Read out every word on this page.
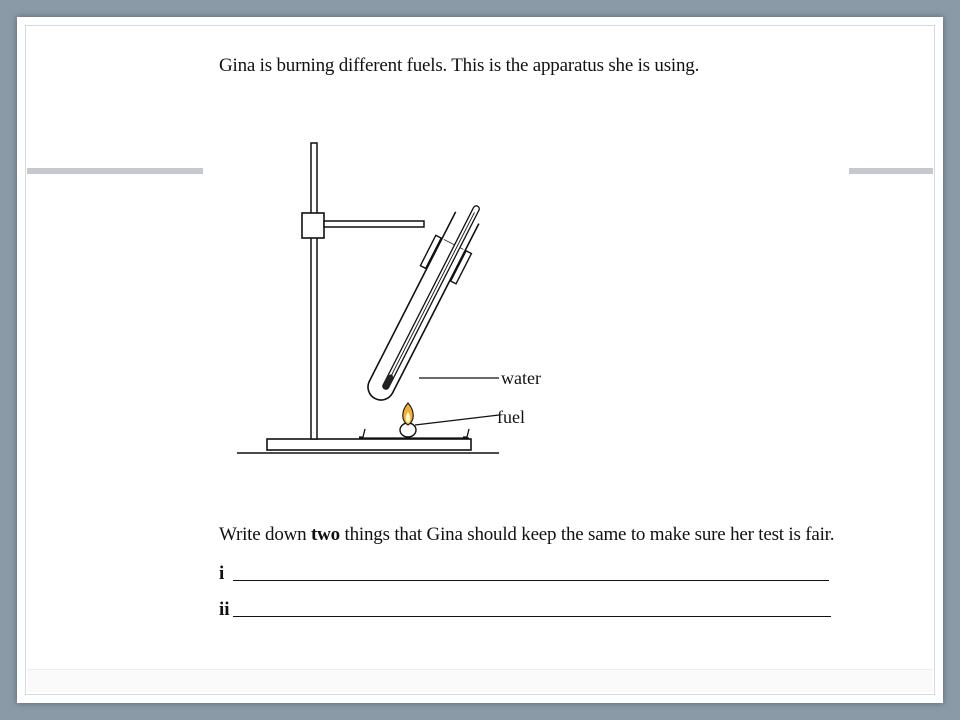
Gina is burning different fuels. This is the apparatus she is using.
water
fuel
Write down two things that Gina should keep the same to make sure her test is fair.
i
ii
